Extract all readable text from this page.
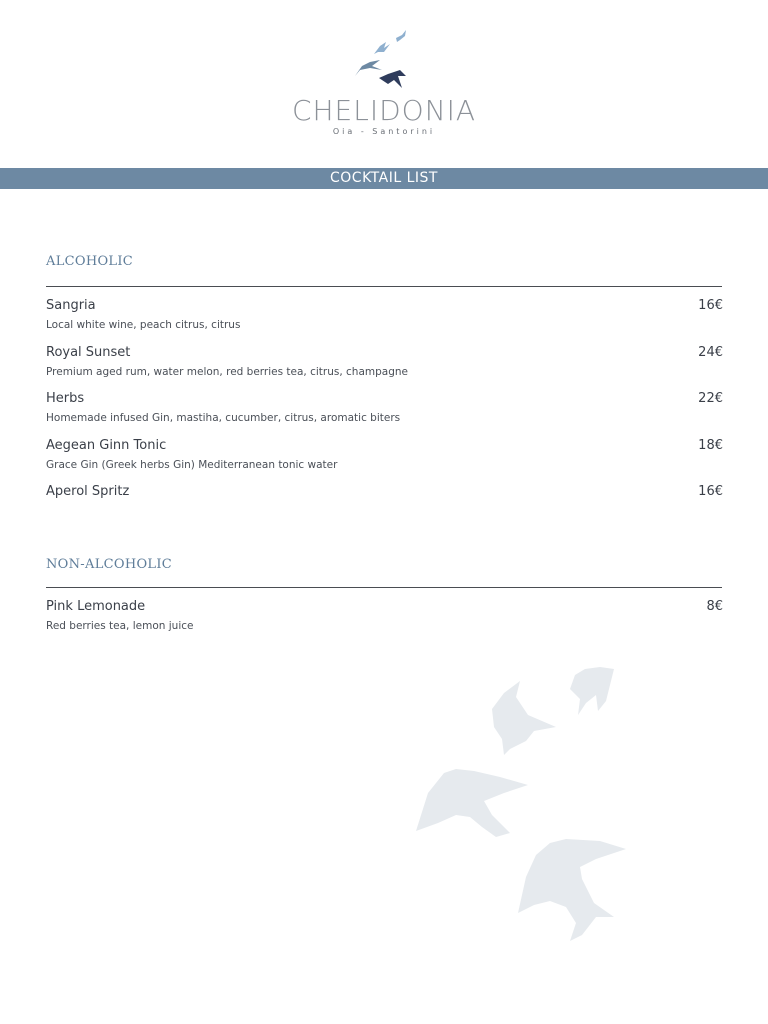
CHELIDONIA
Oia - Santorini
COCKTAIL LIST
ALCOHOLIC
Sangria	16€
Local white wine, peach citrus, citrus
Royal Sunset	24€
Premium aged rum, water melon, red berries tea, citrus, champagne
Herbs	22€
Homemade infused Gin, mastiha, cucumber, citrus, aromatic biters
Aegean Ginn Tonic	18€
Grace Gin (Greek herbs Gin) Mediterranean tonic water
Aperol Spritz	16€
NON-ALCOHOLIC
Pink Lemonade	8€
Red berries tea, lemon juice
